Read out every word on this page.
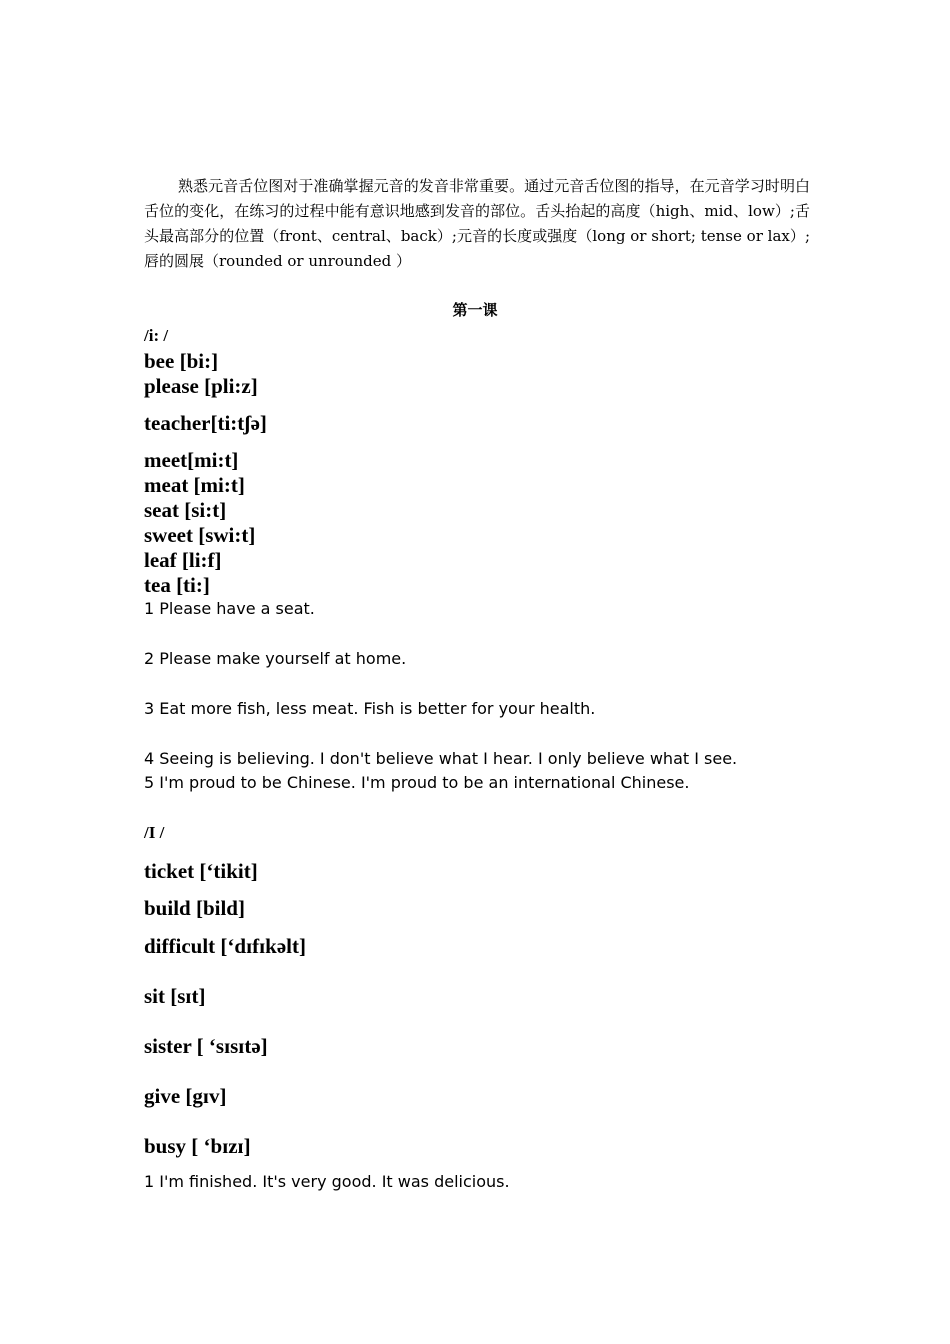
熟悉元音舌位图对于准确掌握元音的发音非常重要。通过元音舌位图的指导，在元音学习时明白舌位的变化，在练习的过程中能有意识地感到发音的部位。舌头抬起的高度（high、mid、low）;舌头最高部分的位置（front、central、back）;元音的长度或强度（long or short; tense or lax）;唇的圆展（rounded or unrounded ）

第一课
/i: /
bee [bi:]
please [pli:z]
teacher[ti:tʃə]
meet[mi:t]
meat [mi:t]
seat [si:t]
sweet [swi:t]
leaf [li:f]
tea [ti:]
1 Please have a seat.
2 Please make yourself at home.
3 Eat more fish, less meat. Fish is better for your health.
4 Seeing is believing. I don't believe what I hear. I only believe what I see.
5 I'm proud to be Chinese. I'm proud to be an international Chinese.
/I /
ticket [‘tikit]
build [bild]
difficult [‘dɪfɪkəlt]
sit [sɪt]
sister [ ‘sɪsɪtə]
give [gɪv]
busy [ ‘bɪzɪ]
1 I'm finished. It's very good. It was delicious.
